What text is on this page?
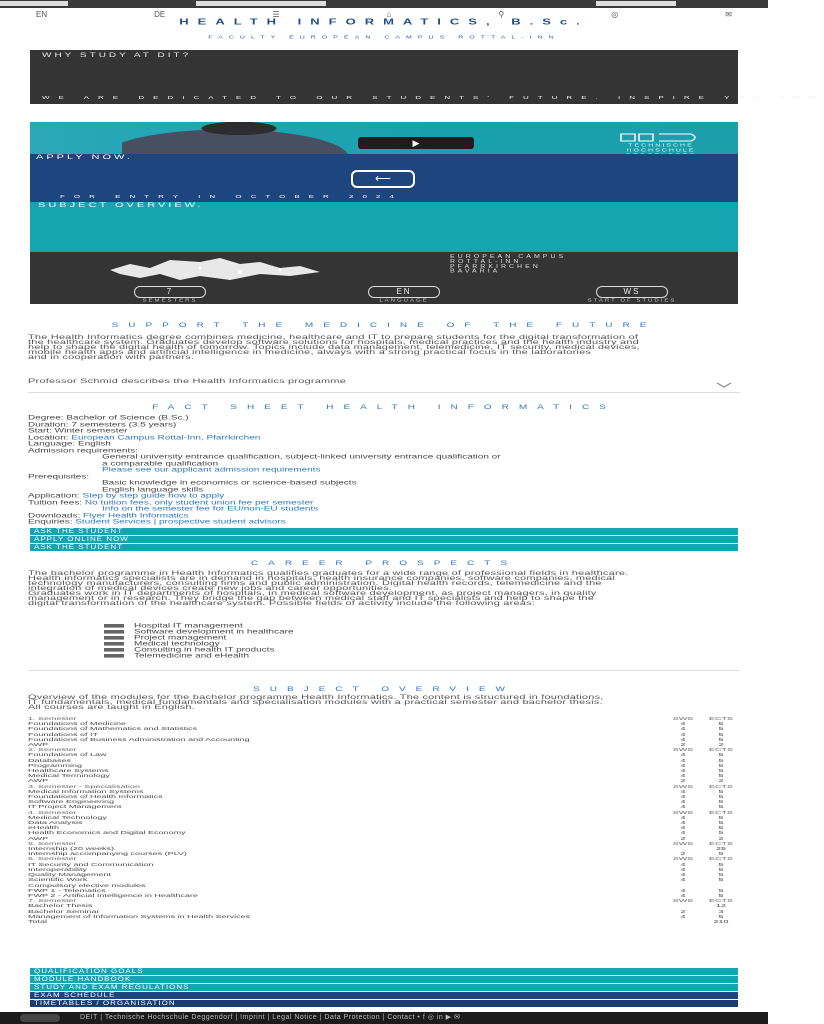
EN	DE	☰	⌂	⚲	◎	✉
HEALTH INFORMATICS, B.Sc.
FACULTY EUROPEAN CAMPUS ROTTAL-INN
WHY STUDY AT DIT?
WE ARE DEDICATED TO OUR STUDENTS' FUTURE. INSPIRE YOU TOO
▶	TECHNISCHE HOCHSCHULE
APPLY NOW.
⟵
FOR ENTRY IN OCTOBER 2024
SUBJECT OVERVIEW.
EUROPEAN CAMPUS
ROTTAL-INN
PFARRKIRCHEN
BAVARIA
7
SEMESTERS
EN
LANGUAGE
WS
START OF STUDIES
SUPPORT THE MEDICINE OF THE FUTURE
The Health Informatics degree combines medicine, healthcare and IT to prepare students for the digital transformation of
the healthcare system. Graduates develop software solutions for hospitals, medical practices and the health industry and
help to shape the digital health of tomorrow. Topics include data management, telemedicine, IT security, medical devices,
mobile health apps and artificial intelligence in medicine, always with a strong practical focus in the laboratories
and in cooperation with partners.
Professor Schmid describes the Health Informatics programme
FACT SHEET HEALTH INFORMATICS
Degree: Bachelor of Science (B.Sc.)
Duration: 7 semesters (3.5 years)
Start: Winter semester
Location: European Campus Rottal-Inn, Pfarrkirchen
Language: English
Admission requirements:
General university entrance qualification, subject-linked university entrance qualification or
a comparable qualification
Please see our applicant admission requirements
Prerequisites:
Basic knowledge in economics or science-based subjects
English language skills
Application: Step by step guide how to apply
Tuition fees: No tuition fees, only student union fee per semester
Info on the semester fee for EU/non-EU students
Downloads: Flyer Health Informatics
Enquiries: Student Services | prospective student advisors
ASK THE STUDENT
APPLY ONLINE NOW
ASK THE STUDENT
CAREER PROSPECTS
The bachelor programme in Health Informatics qualifies graduates for a wide range of professional fields in healthcare.
Health informatics specialists are in demand in hospitals, health insurance companies, software companies, medical
technology manufacturers, consulting firms and public administration. Digital health records, telemedicine and the
integration of medical devices create new jobs and career opportunities.
Graduates work in IT departments of hospitals, in medical software development, as project managers, in quality
management or in research. They bridge the gap between medical staff and IT specialists and help to shape the
digital transformation of the healthcare system. Possible fields of activity include the following areas:
Hospital IT management
Software development in healthcare
Project management
Medical technology
Consulting in health IT products
Telemedicine and eHealth
SUBJECT OVERVIEW
Overview of the modules for the bachelor programme Health Informatics. The content is structured in foundations,
IT fundamentals, medical fundamentals and specialisation modules with a practical semester and bachelor thesis.
All courses are taught in English.
1. Semester	SWS	ECTS
Foundations of Medicine	4	5
Foundations of Mathematics and Statistics	4	5
Foundations of IT	4	5
Foundations of Business Administration and Accounting	4	5
AWP	2	2
2. Semester	SWS	ECTS
Foundations of Law	4	5
Databases	4	5
Programming	4	5
Healthcare Systems	4	5
Medical Terminology	4	5
AWP	2	2
3. Semester - Specialisation	SWS	ECTS
Medical Information Systems	4	5
Foundations of Health Informatics	4	5
Software Engineering	4	5
IT Project Management	4	5
4. Semester	SWS	ECTS
Medical Technology	4	5
Data Analysis	4	5
eHealth	4	5
Health Economics and Digital Economy	4	5
AWP	2	2
5. Semester	SWS	ECTS
Internship (20 weeks)		25
Internship accompanying courses (PLV)	2	5
6. Semester	SWS	ECTS
IT Security and Communication	4	5
Interoperability	4	5
Quality Management	4	5
Scientific Work	4	5
Compulsory elective modules		
FWP 1 - Telematics	4	5
FWP 2 - Artificial Intelligence in Healthcare	4	5
7. Semester	SWS	ECTS
Bachelor Thesis		12
Bachelor Seminar	2	3
Management of Information Systems in Health Services	4	5
Total		210
QUALIFICATION GOALS
MODULE HANDBOOK
STUDY AND EXAM REGULATIONS
EXAM SCHEDULE
TIMETABLES / ORGANISATION
DEIT | Technische Hochschule Deggendorf | Imprint | Legal Notice | Data Protection | Contact • f ◎ in ▶ ✉
